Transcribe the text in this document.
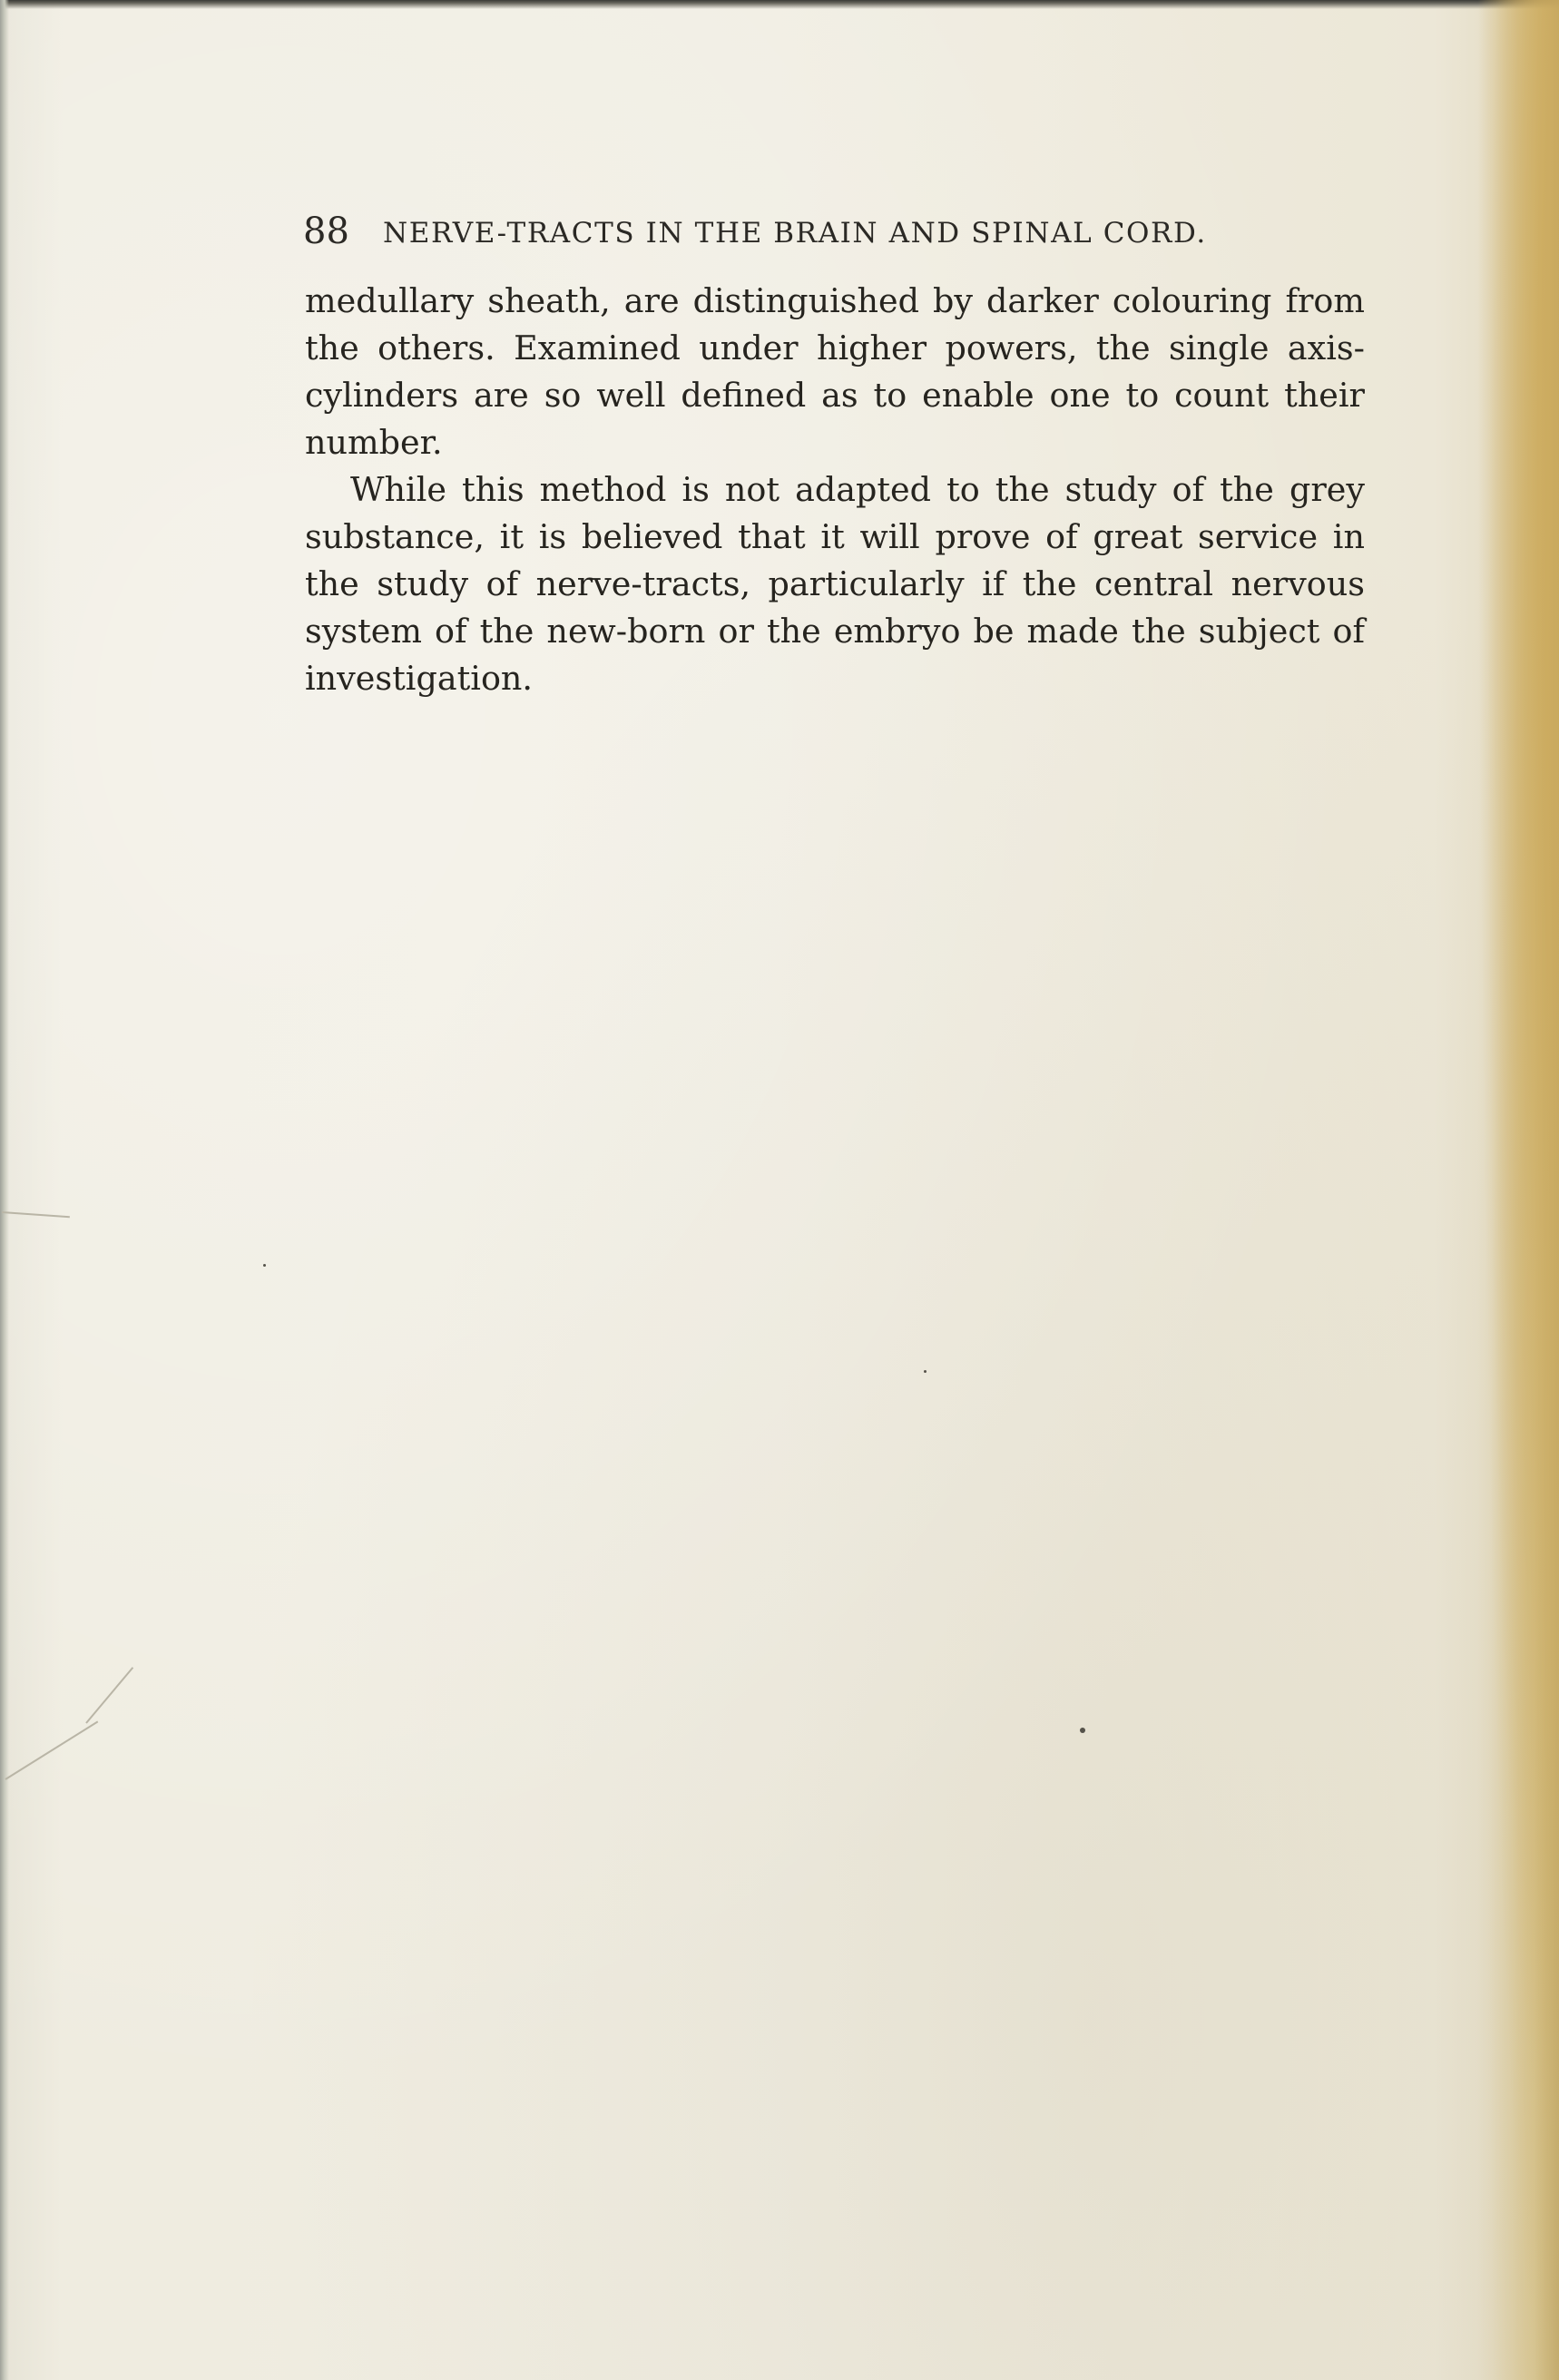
88 NERVE-TRACTS IN THE BRAIN AND SPINAL CORD.
medullary sheath, are distinguished by darker colouring from
the others. Examined under higher powers, the single axis-
cylinders are so well defined as to enable one to count their
number.
While this method is not adapted to the study of the grey
substance, it is believed that it will prove of great service in
the study of nerve-tracts, particularly if the central nervous
system of the new-born or the embryo be made the subject of
investigation.
